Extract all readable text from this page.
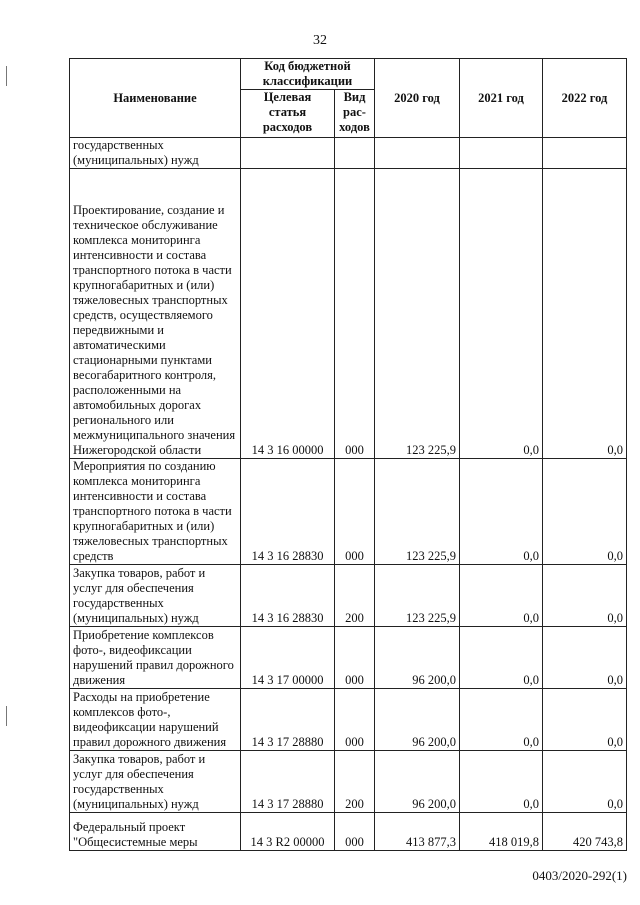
32
Наименование	Код бюджетной классификации		2020 год	2021 год	2022 год
	Целевая статья расходов	Вид рас-ходов			
государственных (муниципальных) нужд					
Проектирование, создание и техническое обслуживание комплекса мониторинга интенсивности и состава транспортного потока в части крупногабаритных и (или) тяжеловесных транспортных средств, осуществляемого передвижными и автоматическими стационарными пунктами весогабаритного контроля, расположенными на автомобильных дорогах регионального или межмуниципального значения Нижегородской области	14 3 16 00000	000	123 225,9	0,0	0,0
Мероприятия по созданию комплекса мониторинга интенсивности и состава транспортного потока в части крупногабаритных и (или) тяжеловесных транспортных средств	14 3 16 28830	000	123 225,9	0,0	0,0
Закупка товаров, работ и услуг для обеспечения государственных (муниципальных) нужд	14 3 16 28830	200	123 225,9	0,0	0,0
Приобретение комплексов фото-, видеофиксации нарушений правил дорожного движения	14 3 17 00000	000	96 200,0	0,0	0,0
Расходы на приобретение комплексов фото-, видеофиксации нарушений правил дорожного движения	14 3 17 28880	000	96 200,0	0,0	0,0
Закупка товаров, работ и услуг для обеспечения государственных (муниципальных) нужд	14 3 17 28880	200	96 200,0	0,0	0,0
Федеральный проект "Общесистемные меры	14 3 R2 00000	000	413 877,3	418 019,8	420 743,8
0403/2020-292(1)
